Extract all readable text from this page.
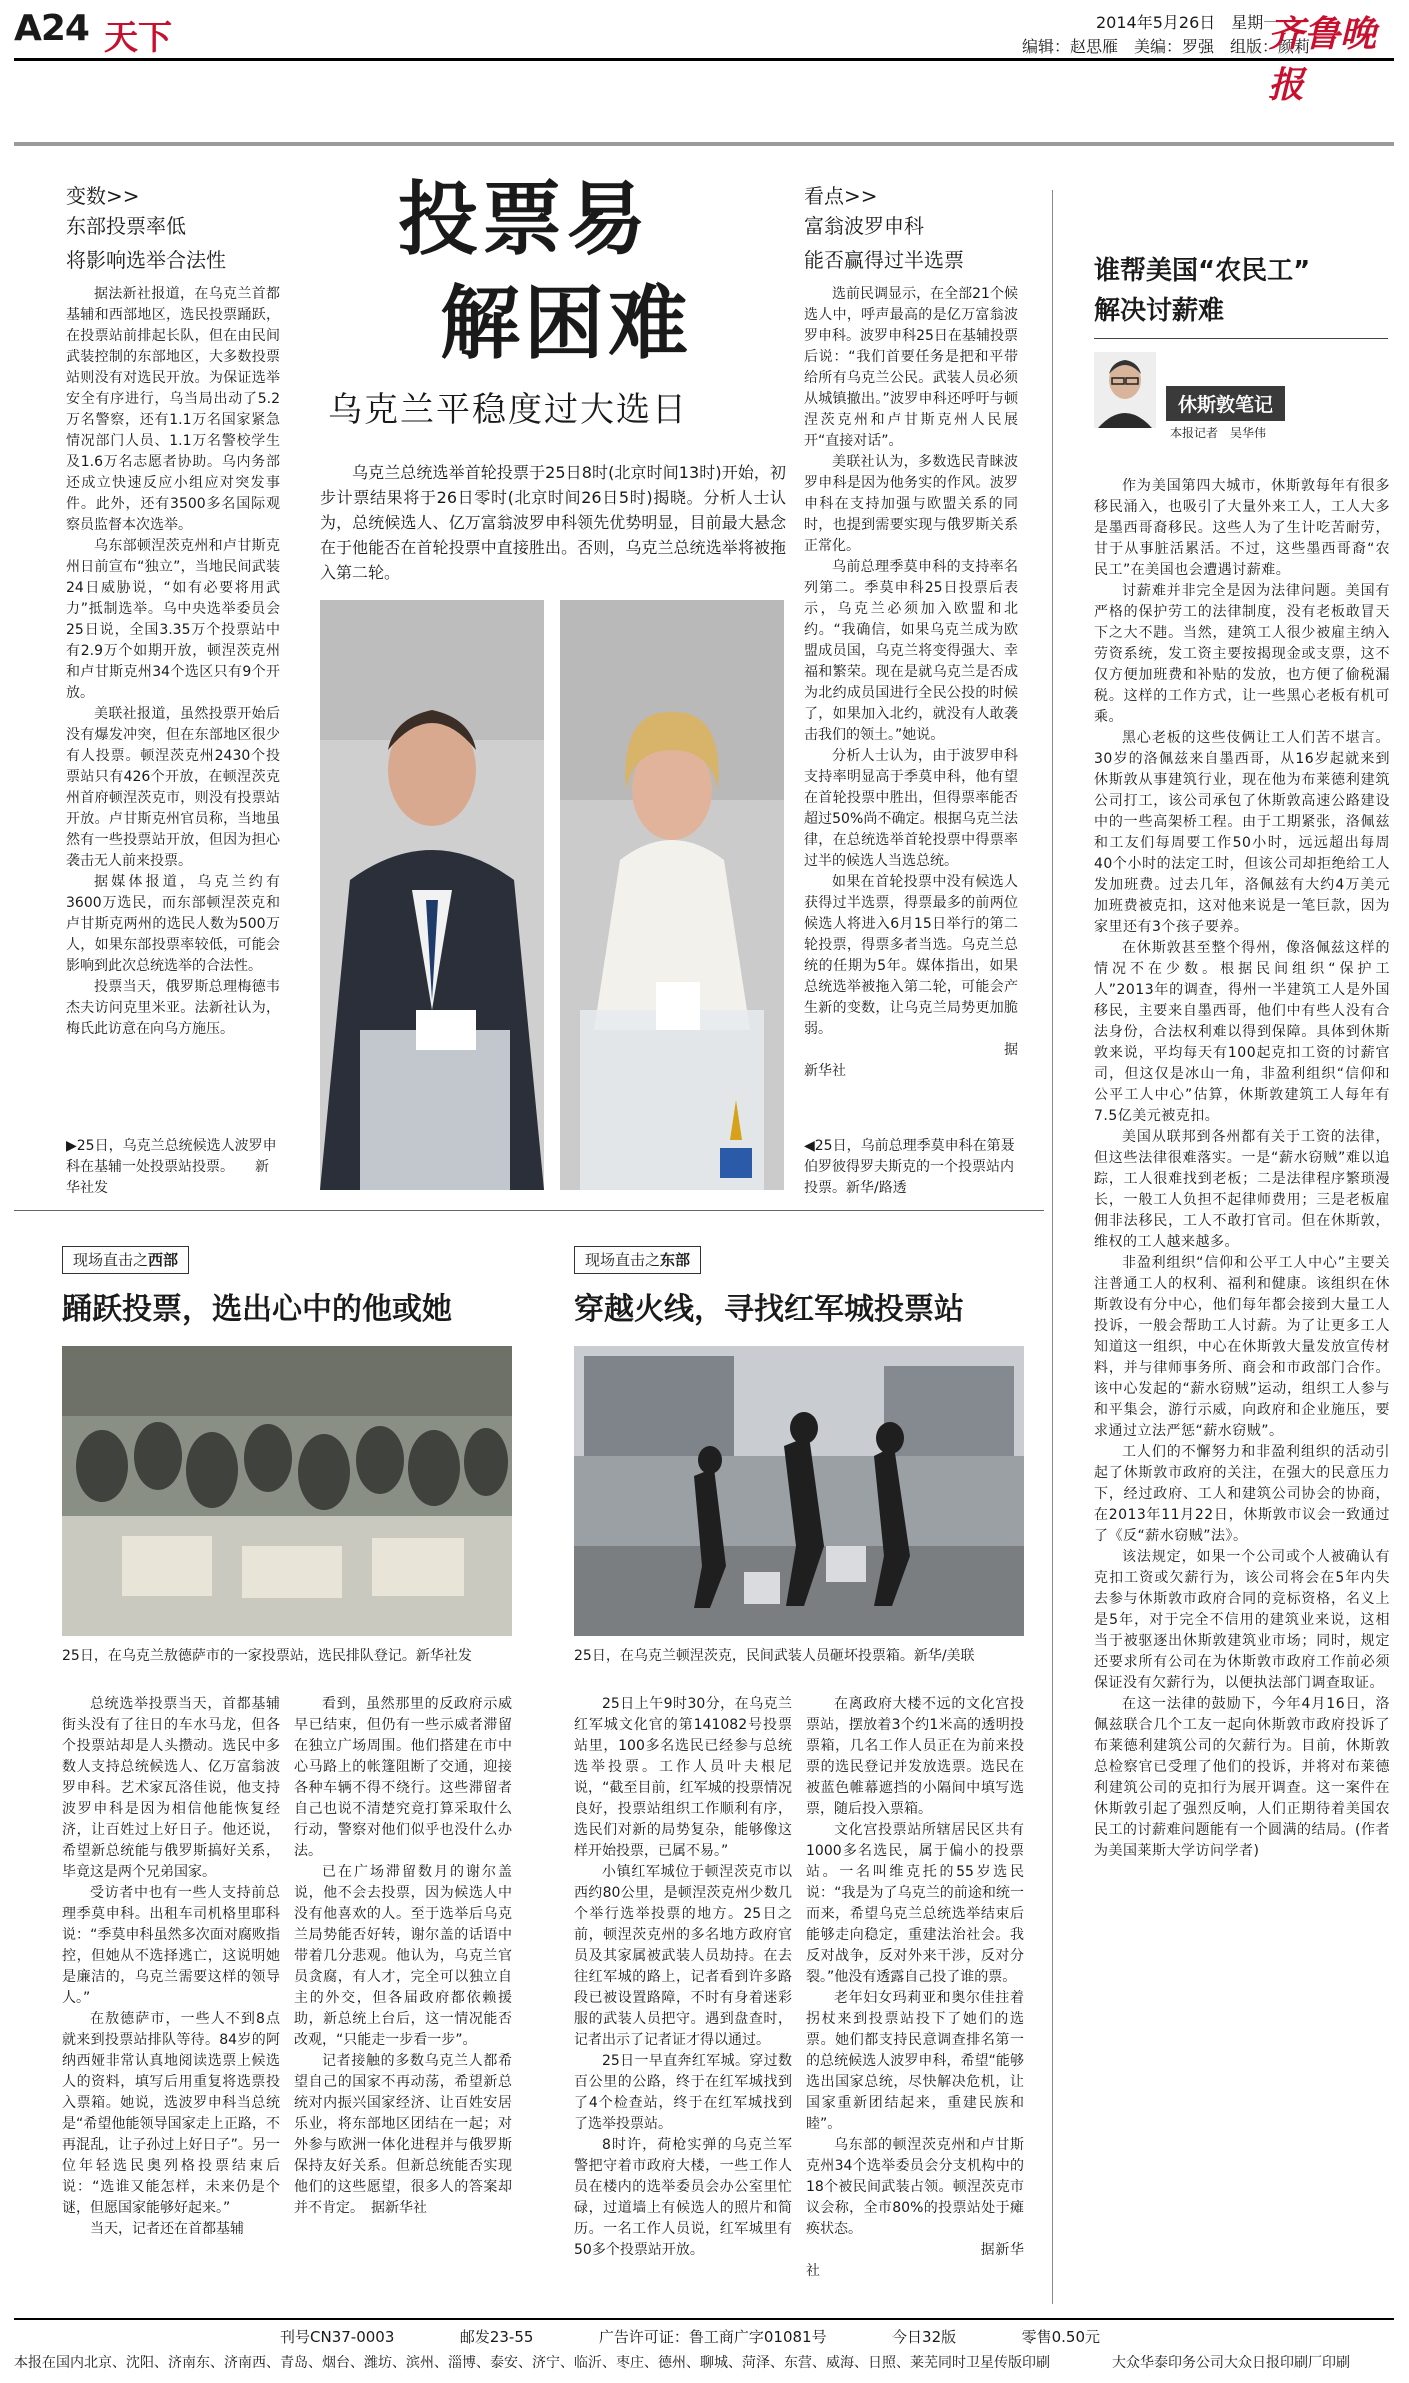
A24 天下	2014年5月26日　星期一
编辑：赵思雁　美编：罗强　组版：颜莉
齐鲁晚报
变数>>
东部投票率低
将影响选举合法性

据法新社报道，在乌克兰首都基辅和西部地区，选民投票踊跃，在投票站前排起长队，但在由民间武装控制的东部地区，大多数投票站则没有对选民开放。为保证选举安全有序进行，乌当局出动了5.2万名警察，还有1.1万名国家紧急情况部门人员、1.1万名警校学生及1.6万名志愿者协助。乌内务部还成立快速反应小组应对突发事件。此外，还有3500多名国际观察员监督本次选举。

乌东部顿涅茨克州和卢甘斯克州日前宣布“独立”，当地民间武装24日威胁说，“如有必要将用武力”抵制选举。乌中央选举委员会25日说，全国3.35万个投票站中有2.9万个如期开放，顿涅茨克州和卢甘斯克州34个选区只有9个开放。

美联社报道，虽然投票开始后没有爆发冲突，但在东部地区很少有人投票。顿涅茨克州2430个投票站只有426个开放，在顿涅茨克州首府顿涅茨克市，则没有投票站开放。卢甘斯克州官员称，当地虽然有一些投票站开放，但因为担心袭击无人前来投票。

据媒体报道，乌克兰约有3600万选民，而东部顿涅茨克和卢甘斯克两州的选民人数为500万人，如果东部投票率较低，可能会影响到此次总统选举的合法性。

投票当天，俄罗斯总理梅德韦杰夫访问克里米亚。法新社认为，梅氏此访意在向乌方施压。

▶25日，乌克兰总统候选人波罗申科在基辅一处投票站投票。　　新华社发
投票易
解困难
乌克兰平稳度过大选日
乌克兰总统选举首轮投票于25日8时(北京时间13时)开始，初步计票结果将于26日零时(北京时间26日5时)揭晓。分析人士认为，总统候选人、亿万富翁波罗申科领先优势明显，目前最大悬念在于他能否在首轮投票中直接胜出。否则，乌克兰总统选举将被拖入第二轮。
看点>>
富翁波罗申科
能否赢得过半选票

选前民调显示，在全部21个候选人中，呼声最高的是亿万富翁波罗申科。波罗申科25日在基辅投票后说：“我们首要任务是把和平带给所有乌克兰公民。武装人员必须从城镇撤出。”波罗申科还呼吁与顿涅茨克州和卢甘斯克州人民展开“直接对话”。

美联社认为，多数选民青睐波罗申科是因为他务实的作风。波罗申科在支持加强与欧盟关系的同时，也提到需要实现与俄罗斯关系正常化。

乌前总理季莫申科的支持率名列第二。季莫申科25日投票后表示，乌克兰必须加入欧盟和北约。“我确信，如果乌克兰成为欧盟成员国，乌克兰将变得强大、幸福和繁荣。现在是就乌克兰是否成为北约成员国进行全民公投的时候了，如果加入北约，就没有人敢袭击我们的领土。”她说。

分析人士认为，由于波罗申科支持率明显高于季莫申科，他有望在首轮投票中胜出，但得票率能否超过50%尚不确定。根据乌克兰法律，在总统选举首轮投票中得票率过半的候选人当选总统。

如果在首轮投票中没有候选人获得过半选票，得票最多的前两位候选人将进入6月15日举行的第二轮投票，得票多者当选。乌克兰总统的任期为5年。媒体指出，如果总统选举被拖入第二轮，可能会产生新的变数，让乌克兰局势更加脆弱。

　　　　　　　　　　　　据新华社

◀25日，乌前总理季莫申科在第聂伯罗彼得罗夫斯克的一个投票站内投票。新华/路透
现场直击之西部
踊跃投票，选出心中的他或她
25日，在乌克兰敖德萨市的一家投票站，选民排队登记。新华社发

总统选举投票当天，首都基辅街头没有了往日的车水马龙，但各个投票站却是人头攒动。选民中多数人支持总统候选人、亿万富翁波罗申科。艺术家瓦洛佳说，他支持波罗申科是因为相信他能恢复经济，让百姓过上好日子。他还说，希望新总统能与俄罗斯搞好关系，毕竟这是两个兄弟国家。

受访者中也有一些人支持前总理季莫申科。出租车司机格里耶科说：“季莫申科虽然多次面对腐败指控，但她从不选择逃亡，这说明她是廉洁的，乌克兰需要这样的领导人。”

在敖德萨市，一些人不到8点就来到投票站排队等待。84岁的阿纳西娅非常认真地阅读选票上候选人的资料，填写后用重复将选票投入票箱。她说，选波罗申科当总统是“希望他能领导国家走上正路，不再混乱，让子孙过上好日子”。另一位年轻选民奥列格投票结束后说：“选谁又能怎样，未来仍是个谜，但愿国家能够好起来。”

当天，记者还在首都基辅

看到，虽然那里的反政府示威早已结束，但仍有一些示威者滞留在独立广场周围。他们搭建在市中心马路上的帐篷阻断了交通，迎接各种车辆不得不绕行。这些滞留者自己也说不清楚究竟打算采取什么行动，警察对他们似乎也没什么办法。

已在广场滞留数月的谢尔盖说，他不会去投票，因为候选人中没有他喜欢的人。至于选举后乌克兰局势能否好转，谢尔盖的话语中带着几分悲观。他认为，乌克兰官员贪腐，有人才，完全可以独立自主的外交，但各届政府都依赖援助，新总统上台后，这一情况能否改观，“只能走一步看一步”。

记者接触的多数乌克兰人都希望自己的国家不再动荡，希望新总统对内振兴国家经济、让百姓安居乐业，将东部地区团结在一起；对外参与欧洲一体化进程并与俄罗斯保持友好关系。但新总统能否实现他们的这些愿望，很多人的答案却并不肯定。　据新华社

现场直击之东部
穿越火线，寻找红军城投票站
25日，在乌克兰顿涅茨克，民间武装人员砸坏投票箱。新华/美联

25日上午9时30分，在乌克兰红军城文化官的第141082号投票站里，100多名选民已经参与总统选举投票。工作人员叶夫根尼说，“截至目前，红军城的投票情况良好，投票站组织工作顺利有序，选民们对新的局势复杂，能够像这样开始投票，已属不易。”

小镇红军城位于顿涅茨克市以西约80公里，是顿涅茨克州少数几个举行选举投票的地方。25日之前，顿涅茨克州的多名地方政府官员及其家属被武装人员劫持。在去往红军城的路上，记者看到许多路段已被设置路障，不时有身着迷彩服的武装人员把守。遇到盘查时，记者出示了记者证才得以通过。

25日一早直奔红军城。穿过数百公里的公路，终于在红军城找到了4个检查站，终于在红军城找到了选举投票站。

8时许，荷枪实弹的乌克兰军警把守着市政府大楼，一些工作人员在楼内的选举委员会办公室里忙碌，过道墙上有候选人的照片和简历。一名工作人员说，红军城里有50多个投票站开放。

在离政府大楼不远的文化宫投票站，摆放着3个约1米高的透明投票箱，几名工作人员正在为前来投票的选民登记并发放选票。选民在被蓝色帷幕遮挡的小隔间中填写选票，随后投入票箱。

文化宫投票站所辖居民区共有1000多名选民，属于偏小的投票站。一名叫维克托的55岁选民说：“我是为了乌克兰的前途和统一而来，希望乌克兰总统选举结束后能够走向稳定，重建法治社会。我反对战争，反对外来干涉，反对分裂。”他没有透露自己投了谁的票。

老年妇女玛莉亚和奥尔佳拄着拐杖来到投票站投下了她们的选票。她们都支持民意调查排名第一的总统候选人波罗申科，希望“能够选出国家总统，尽快解决危机，让国家重新团结起来，重建民族和睦”。

乌东部的顿涅茨克州和卢甘斯克州34个选举委员会分支机构中的18个被民间武装占领。顿涅茨克市议会称，全市80%的投票站处于瘫痪状态。

　　　　　　　　　　据新华社

谁帮美国“农民工”
解决讨薪难
休斯敦笔记
本报记者　吴华伟

作为美国第四大城市，休斯敦每年有很多移民涌入，也吸引了大量外来工人，工人大多是墨西哥裔移民。这些人为了生计吃苦耐劳，甘于从事脏活累活。不过，这些墨西哥裔“农民工”在美国也会遭遇讨薪难。

讨薪难并非完全是因为法律问题。美国有严格的保护劳工的法律制度，没有老板敢冒天下之大不韪。当然，建筑工人很少被雇主纳入劳资系统，发工资主要按揭现金或支票，这不仅方便加班费和补贴的发放，也方便了偷税漏税。这样的工作方式，让一些黑心老板有机可乘。

黑心老板的这些伎俩让工人们苦不堪言。30岁的洛佩兹来自墨西哥，从16岁起就来到休斯敦从事建筑行业，现在他为布莱德利建筑公司打工，该公司承包了休斯敦高速公路建设中的一些高架桥工程。由于工期紧张，洛佩兹和工友们每周要工作50小时，远远超出每周40个小时的法定工时，但该公司却拒绝给工人发加班费。过去几年，洛佩兹有大约4万美元加班费被克扣，这对他来说是一笔巨款，因为家里还有3个孩子要养。

在休斯敦甚至整个得州，像洛佩兹这样的情况不在少数。根据民间组织“保护工人”2013年的调查，得州一半建筑工人是外国移民，主要来自墨西哥，他们中有些人没有合法身份，合法权利难以得到保障。具体到休斯敦来说，平均每天有100起克扣工资的讨薪官司，但这仅是冰山一角，非盈利组织“信仰和公平工人中心”估算，休斯敦建筑工人每年有7.5亿美元被克扣。

美国从联邦到各州都有关于工资的法律，但这些法律很难落实。一是“薪水窃贼”难以追踪，工人很难找到老板；二是法律程序繁琐漫长，一般工人负担不起律师费用；三是老板雇佣非法移民，工人不敢打官司。但在休斯敦，维权的工人越来越多。

非盈利组织“信仰和公平工人中心”主要关注普通工人的权利、福利和健康。该组织在休斯敦设有分中心，他们每年都会接到大量工人投诉，一般会帮助工人讨薪。为了让更多工人知道这一组织，中心在休斯敦大量发放宣传材料，并与律师事务所、商会和市政部门合作。该中心发起的“薪水窃贼”运动，组织工人参与和平集会，游行示威，向政府和企业施压，要求通过立法严惩“薪水窃贼”。

工人们的不懈努力和非盈利组织的活动引起了休斯敦市政府的关注，在强大的民意压力下，经过政府、工人和建筑公司协会的协商，在2013年11月22日，休斯敦市议会一致通过了《反“薪水窃贼”法》。

该法规定，如果一个公司或个人被确认有克扣工资或欠薪行为，该公司将会在5年内失去参与休斯敦市政府合同的竞标资格，名义上是5年，对于完全不信用的建筑业来说，这相当于被驱逐出休斯敦建筑业市场；同时，规定还要求所有公司在为休斯敦市政府工作前必须保证没有欠薪行为，以便执法部门调查取证。

在这一法律的鼓励下，今年4月16日，洛佩兹联合几个工友一起向休斯敦市政府投诉了布莱德利建筑公司的欠薪行为。目前，休斯敦总检察官已受理了他们的投诉，并将对布莱德利建筑公司的克扣行为展开调查。这一案件在休斯敦引起了强烈反响，人们正期待着美国农民工的讨薪难问题能有一个圆满的结局。(作者为美国莱斯大学访问学者)

刊号CN37-0003	邮发23-55	广告许可证：鲁工商广字01081号	今日32版	零售0.50元
本报在国内北京、沈阳、济南东、济南西、青岛、烟台、潍坊、滨州、淄博、泰安、济宁、临沂、枣庄、德州、聊城、菏泽、东营、威海、日照、莱芜同时卫星传版印刷	大众华泰印务公司大众日报印刷厂印刷
